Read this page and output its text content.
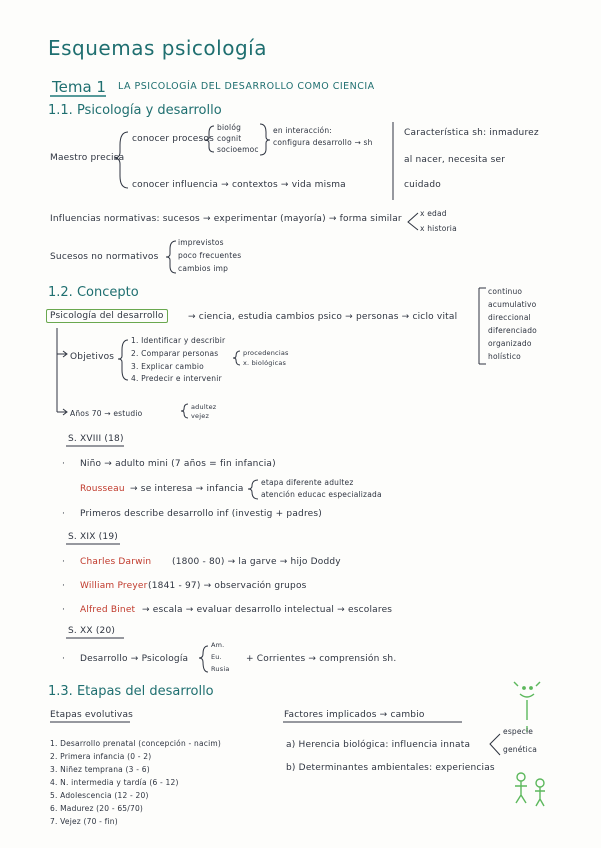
Esquemas psicología
Tema 1 LA PSICOLOGÍA DEL DESARROLLO COMO CIENCIA
1.1. Psicología y desarrollo
Maestro precisa
conocer procesos
biológ
cognit
socioemoc
en interacción:
configura desarrollo → sh
conocer influencia → contextos → vida misma
Característica sh: inmadurez
al nacer, necesita ser
cuidado
Influencias normativas: sucesos → experimentar (mayoría) → forma similar
x edad
x historia
Sucesos no normativos
imprevistos
poco frecuentes
cambios imp
1.2. Concepto
Psicología del desarrollo	→ ciencia, estudia cambios psico → personas → ciclo vital
continuo
acumulativo
direccional
diferenciado
organizado
holístico
Objetivos
1. Identificar y describir
2. Comparar personas
3. Explicar cambio
4. Predecir e intervenir
procedencias
x. biológicas
Años 70 → estudio
adultez
vejez
S. XVIII (18)
· Niño → adulto mini (7 años = fin infancia)
Rousseau → se interesa → infancia
etapa diferente adultez
atención educac especializada
· Primeros describe desarrollo inf (investig + padres)
S. XIX (19)
· Charles Darwin (1800 - 80) → la garve → hijo Doddy
· William Preyer (1841 - 97) → observación grupos
· Alfred Binet → escala → evaluar desarrollo intelectual → escolares
S. XX (20)
· Desarrollo → Psicología
Am.
Eu.
Rusia
+ Corrientes → comprensión sh.
1.3. Etapas del desarrollo
Etapas evolutivas
1. Desarrollo prenatal (concepción - nacim)
2. Primera infancia (0 - 2)
3. Niñez temprana (3 - 6)
4. N. intermedia y tardía (6 - 12)
5. Adolescencia (12 - 20)
6. Madurez (20 - 65/70)
7. Vejez (70 - fin)
Factores implicados → cambio
a) Herencia biológica: influencia innata
especie
genética
b) Determinantes ambientales: experiencias
